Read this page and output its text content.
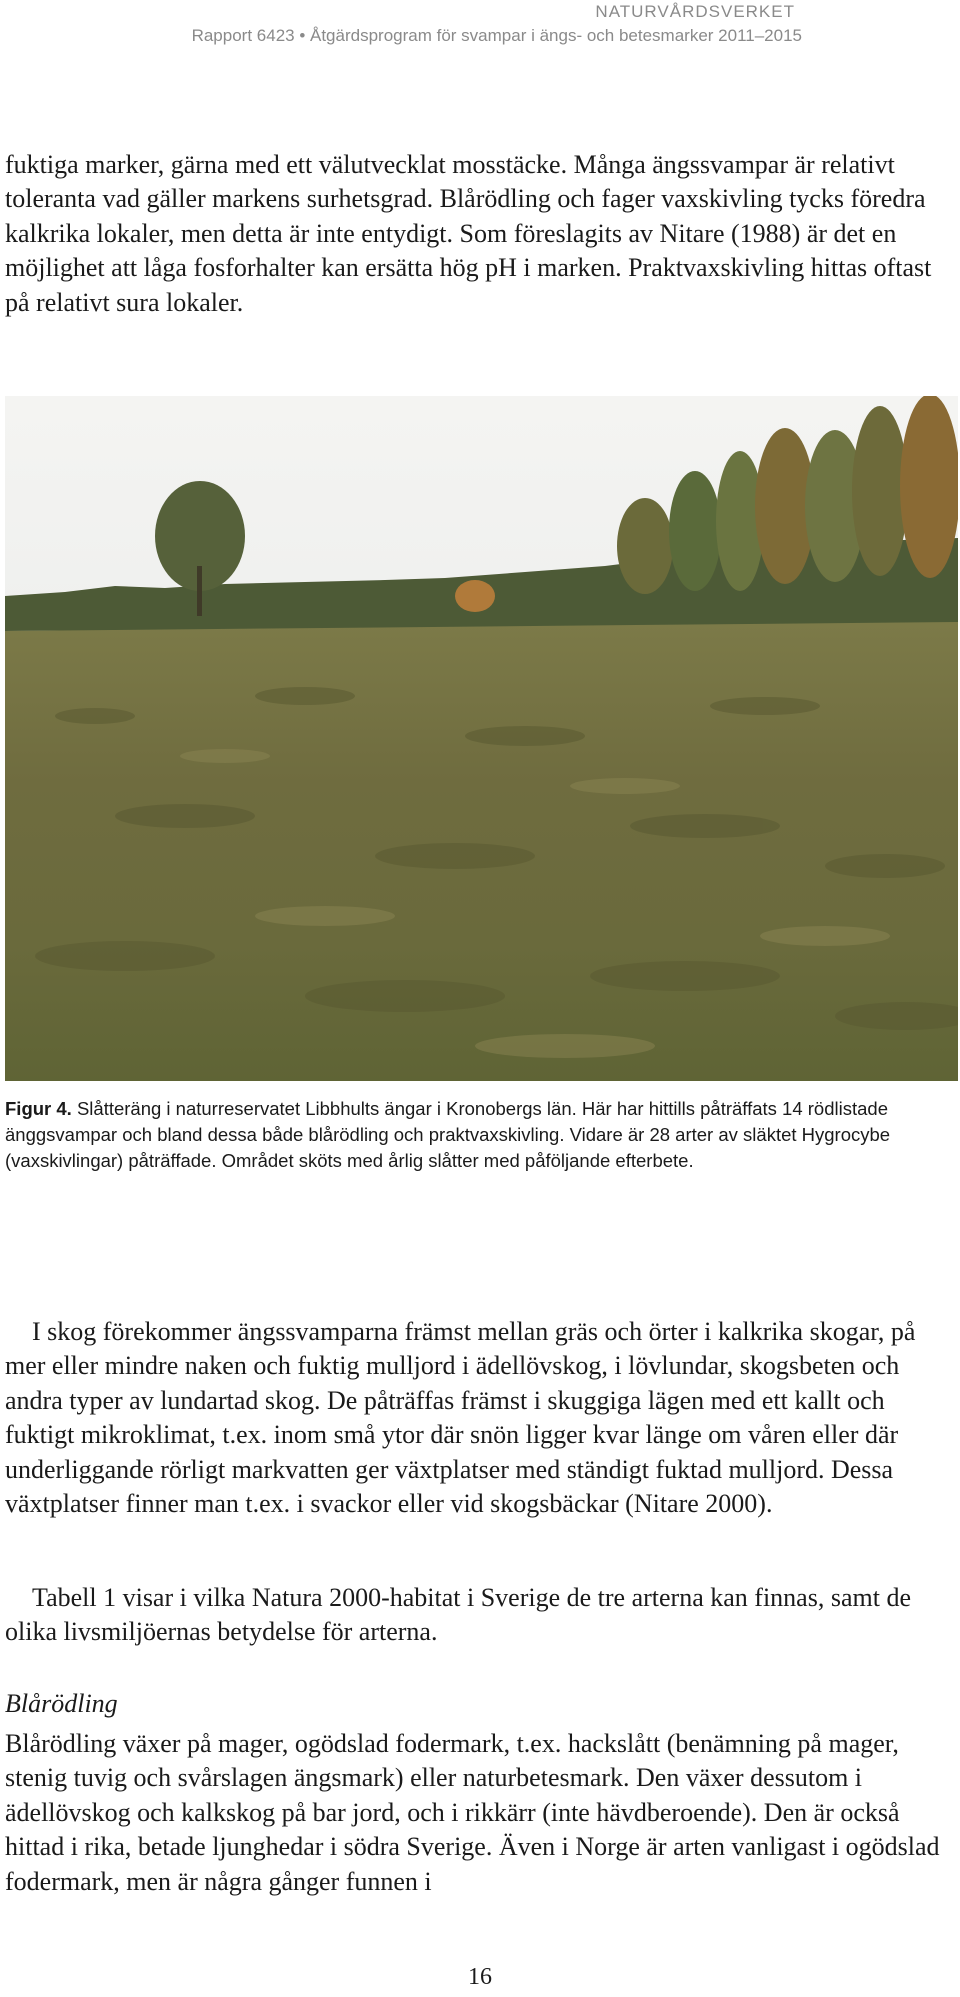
NATURVÅRDSVERKET
Rapport 6423 • Åtgärdsprogram för svampar i ängs- och betesmarker 2011–2015

fuktiga marker, gärna med ett välutvecklat mosstäcke. Många ängssvampar är relativt toleranta vad gäller markens surhetsgrad. Blårödling och fager vaxskivling tycks föredra kalkrika lokaler, men detta är inte entydigt. Som föreslagits av Nitare (1988) är det en möjlighet att låga fosforhalter kan ersätta hög pH i marken. Praktvaxskivling hittas oftast på relativt sura lokaler.

Figur 4. Slåtteräng i naturreservatet Libbhults ängar i Kronobergs län. Här har hittills påträffats 14 rödlistade änggsvampar och bland dessa både blårödling och praktvaxskivling. Vidare är 28 arter av släktet Hygrocybe (vaxskivlingar) påträffade. Området sköts med årlig slåtter med påföljande efterbete.

I skog förekommer ängssvamparna främst mellan gräs och örter i kalkrika skogar, på mer eller mindre naken och fuktig mulljord i ädellövskog, i lövlundar, skogsbeten och andra typer av lundartad skog. De påträffas främst i skuggiga lägen med ett kallt och fuktigt mikroklimat, t.ex. inom små ytor där snön ligger kvar länge om våren eller där underliggande rörligt markvatten ger växtplatser med ständigt fuktad mulljord. Dessa växtplatser finner man t.ex. i svackor eller vid skogsbäckar (Nitare 2000).

Tabell 1 visar i vilka Natura 2000-habitat i Sverige de tre arterna kan finnas, samt de olika livsmiljöernas betydelse för arterna.

Blårödling

Blårödling växer på mager, ogödslad fodermark, t.ex. hackslått (benämning på mager, stenig tuvig och svårslagen ängsmark) eller naturbetesmark. Den växer dessutom i ädellövskog och kalkskog på bar jord, och i rikkärr (inte hävdberoende). Den är också hittad i rika, betade ljunghedar i södra Sverige. Även i Norge är arten vanligast i ogödslad fodermark, men är några gånger funnen i

16
